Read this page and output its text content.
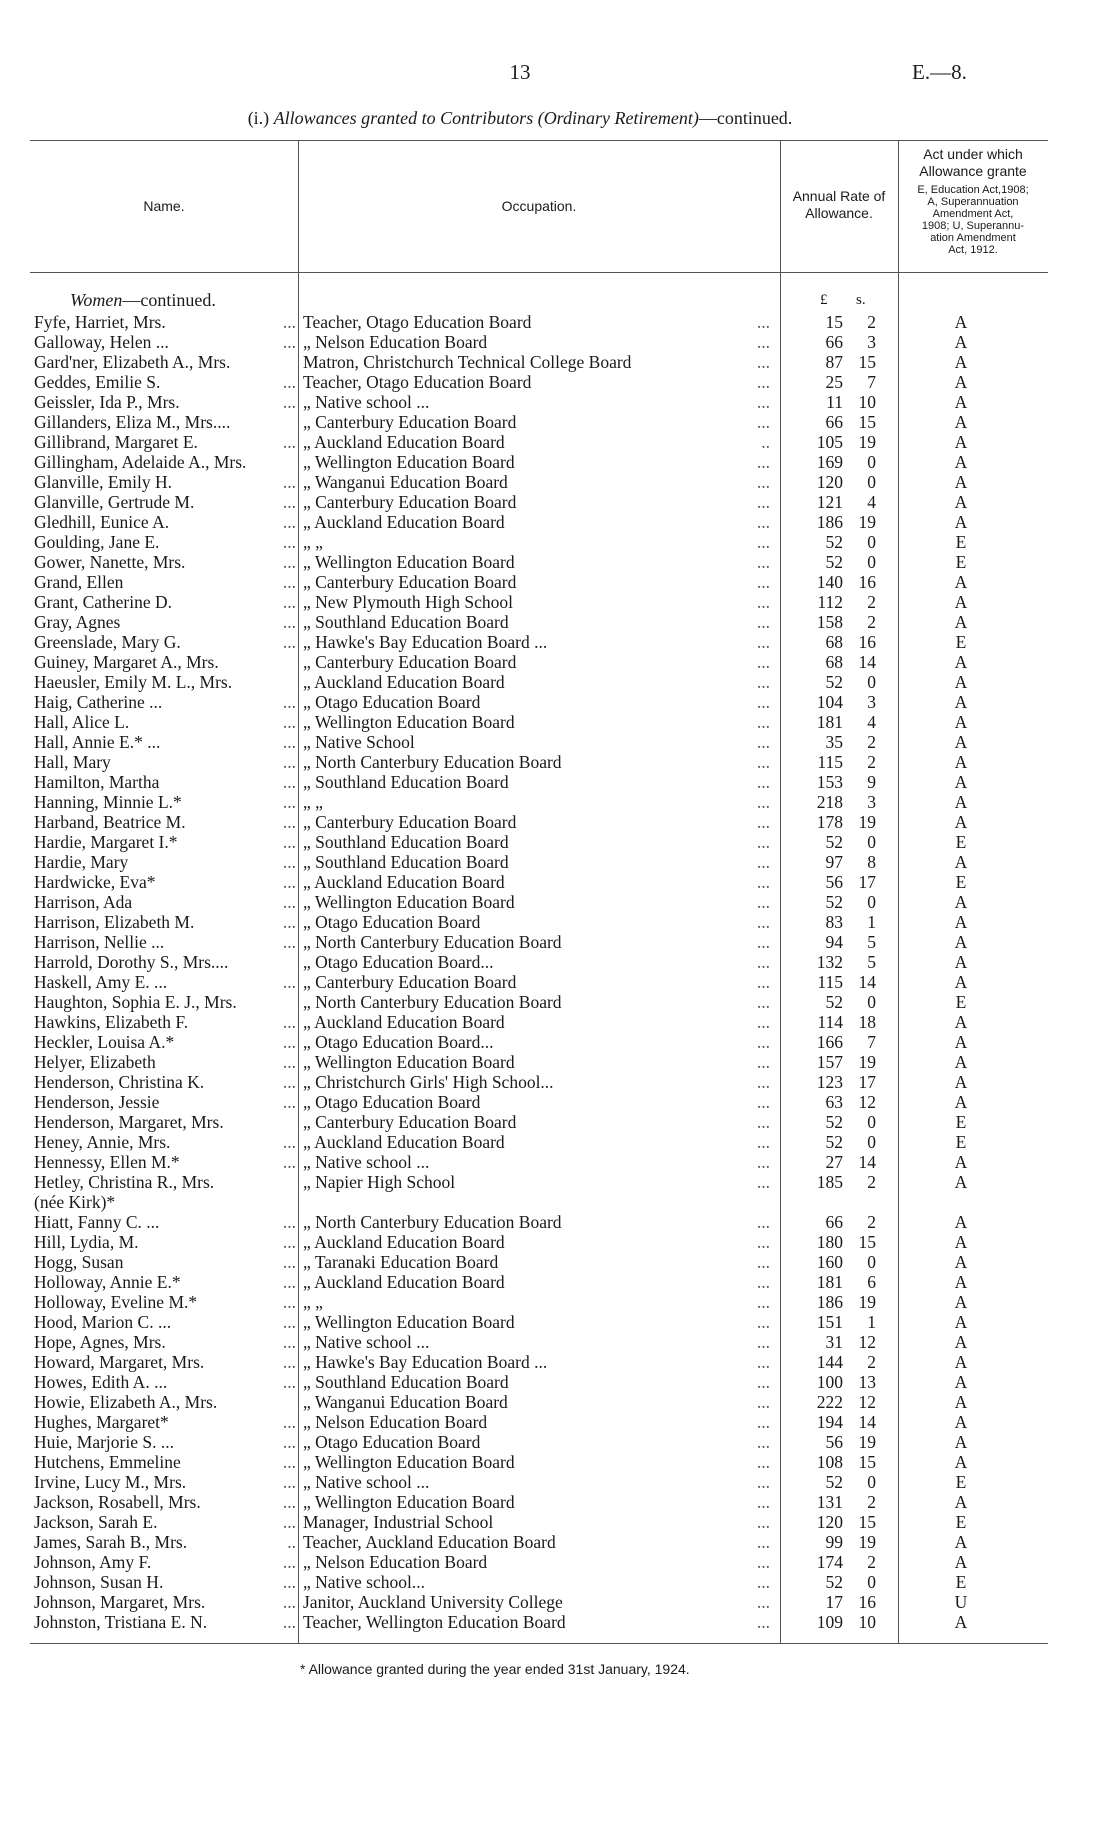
13	E.—8.
(i.) Allowances granted to Contributors (Ordinary Retirement)—continued.
Name.	Occupation.
Annual Rate of
Allowance.
Act under which
Allowance grante
E, Education Act,1908;
A, Superannuation
Amendment Act,
1908; U, Superannu-
ation Amendment
Act, 1912.
Women—continued.	£ s.
Fyfe, Harriet, Mrs.	... Teacher, Otago Education Board	...	15	2	A
Galloway, Helen ...	... „ Nelson Education Board	...	66	3	A
Gard'ner, Elizabeth A., Mrs.	Matron, Christchurch Technical College Board	...	87 15	A
Geddes, Emilie S.	... Teacher, Otago Education Board	...	25	7	A
Geissler, Ida P., Mrs.	... „ Native school ...	...	11 10	A
Gillanders, Eliza M., Mrs....	„ Canterbury Education Board	...	66 15	A
Gillibrand, Margaret E.	... „ Auckland Education Board	..	105 19	A
Gillingham, Adelaide A., Mrs.	„ Wellington Education Board	...	169	0	A
Glanville, Emily H.	... „ Wanganui Education Board	...	120	0	A
Glanville, Gertrude M.	... „ Canterbury Education Board	...	121	4	A
Gledhill, Eunice A.	... „ Auckland Education Board	...	186 19	A
Goulding, Jane E.	... „ „	...	52	0	E
Gower, Nanette, Mrs.	... „ Wellington Education Board	...	52	0	E
Grand, Ellen	... „ Canterbury Education Board	...	140 16	A
Grant, Catherine D.	... „ New Plymouth High School	...	112	2	A
Gray, Agnes	... „ Southland Education Board	...	158	2	A
Greenslade, Mary G.	... „ Hawke's Bay Education Board ...	...	68 16	E
Guiney, Margaret A., Mrs.	„ Canterbury Education Board	...	68 14	A
Haeusler, Emily M. L., Mrs.	„ Auckland Education Board	...	52	0	A
Haig, Catherine ...	... „ Otago Education Board	...	104	3	A
Hall, Alice L.	... „ Wellington Education Board	...	181	4	A
Hall, Annie E.* ...	... „ Native School	...	35	2	A
Hall, Mary	... „ North Canterbury Education Board	...	115	2	A
Hamilton, Martha	... „ Southland Education Board	...	153	9	A
Hanning, Minnie L.*	... „ „	...	218	3	A
Harband, Beatrice M.	... „ Canterbury Education Board	...	178 19	A
Hardie, Margaret I.*	... „ Southland Education Board	...	52	0	E
Hardie, Mary	... „ Southland Education Board	...	97	8	A
Hardwicke, Eva*	... „ Auckland Education Board	...	56 17	E
Harrison, Ada	... „ Wellington Education Board	...	52	0	A
Harrison, Elizabeth M.	... „ Otago Education Board	...	83	1	A
Harrison, Nellie ...	... „ North Canterbury Education Board	...	94	5	A
Harrold, Dorothy S., Mrs....	„ Otago Education Board...	...	132	5	A
Haskell, Amy E. ...	... „ Canterbury Education Board	...	115 14	A
Haughton, Sophia E. J., Mrs.	„ North Canterbury Education Board	...	52	0	E
Hawkins, Elizabeth F.	... „ Auckland Education Board	...	114 18	A
Heckler, Louisa A.*	... „ Otago Education Board...	...	166	7	A
Helyer, Elizabeth	... „ Wellington Education Board	...	157 19	A
Henderson, Christina K.	... „ Christchurch Girls' High School...	...	123 17	A
Henderson, Jessie	... „ Otago Education Board	...	63 12	A
Henderson, Margaret, Mrs.	„ Canterbury Education Board	...	52	0	E
Heney, Annie, Mrs.	... „ Auckland Education Board	...	52	0	E
Hennessy, Ellen M.*	... „ Native school ...	...	27 14	A
Hetley, Christina R., Mrs.	„ Napier High School	...	185	2	A
(née Kirk)*
Hiatt, Fanny C. ...	... „ North Canterbury Education Board	...	66	2	A
Hill, Lydia, M.	... „ Auckland Education Board	...	180 15	A
Hogg, Susan	... „ Taranaki Education Board	...	160	0	A
Holloway, Annie E.*	... „ Auckland Education Board	...	181	6	A
Holloway, Eveline M.*	... „ „	...	186 19	A
Hood, Marion C. ...	... „ Wellington Education Board	...	151	1	A
Hope, Agnes, Mrs.	... „ Native school ...	...	31 12	A
Howard, Margaret, Mrs.	... „ Hawke's Bay Education Board ...	...	144	2	A
Howes, Edith A. ...	... „ Southland Education Board	...	100 13	A
Howie, Elizabeth A., Mrs.	„ Wanganui Education Board	...	222 12	A
Hughes, Margaret*	... „ Nelson Education Board	...	194 14	A
Huie, Marjorie S. ...	... „ Otago Education Board	...	56 19	A
Hutchens, Emmeline	... „ Wellington Education Board	...	108 15	A
Irvine, Lucy M., Mrs.	... „ Native school ...	...	52	0	E
Jackson, Rosabell, Mrs.	... „ Wellington Education Board	...	131	2	A
Jackson, Sarah E.	... Manager, Industrial School	...	120 15	E
James, Sarah B., Mrs.	.. Teacher, Auckland Education Board	...	99 19	A
Johnson, Amy F.	... „ Nelson Education Board	...	174	2	A
Johnson, Susan H.	... „ Native school...	...	52	0	E
Johnson, Margaret, Mrs.	... Janitor, Auckland University College	...	17 16	U
Johnston, Tristiana E. N.	... Teacher, Wellington Education Board	...	109 10	A
* Allowance granted during the year ended 31st January, 1924.
